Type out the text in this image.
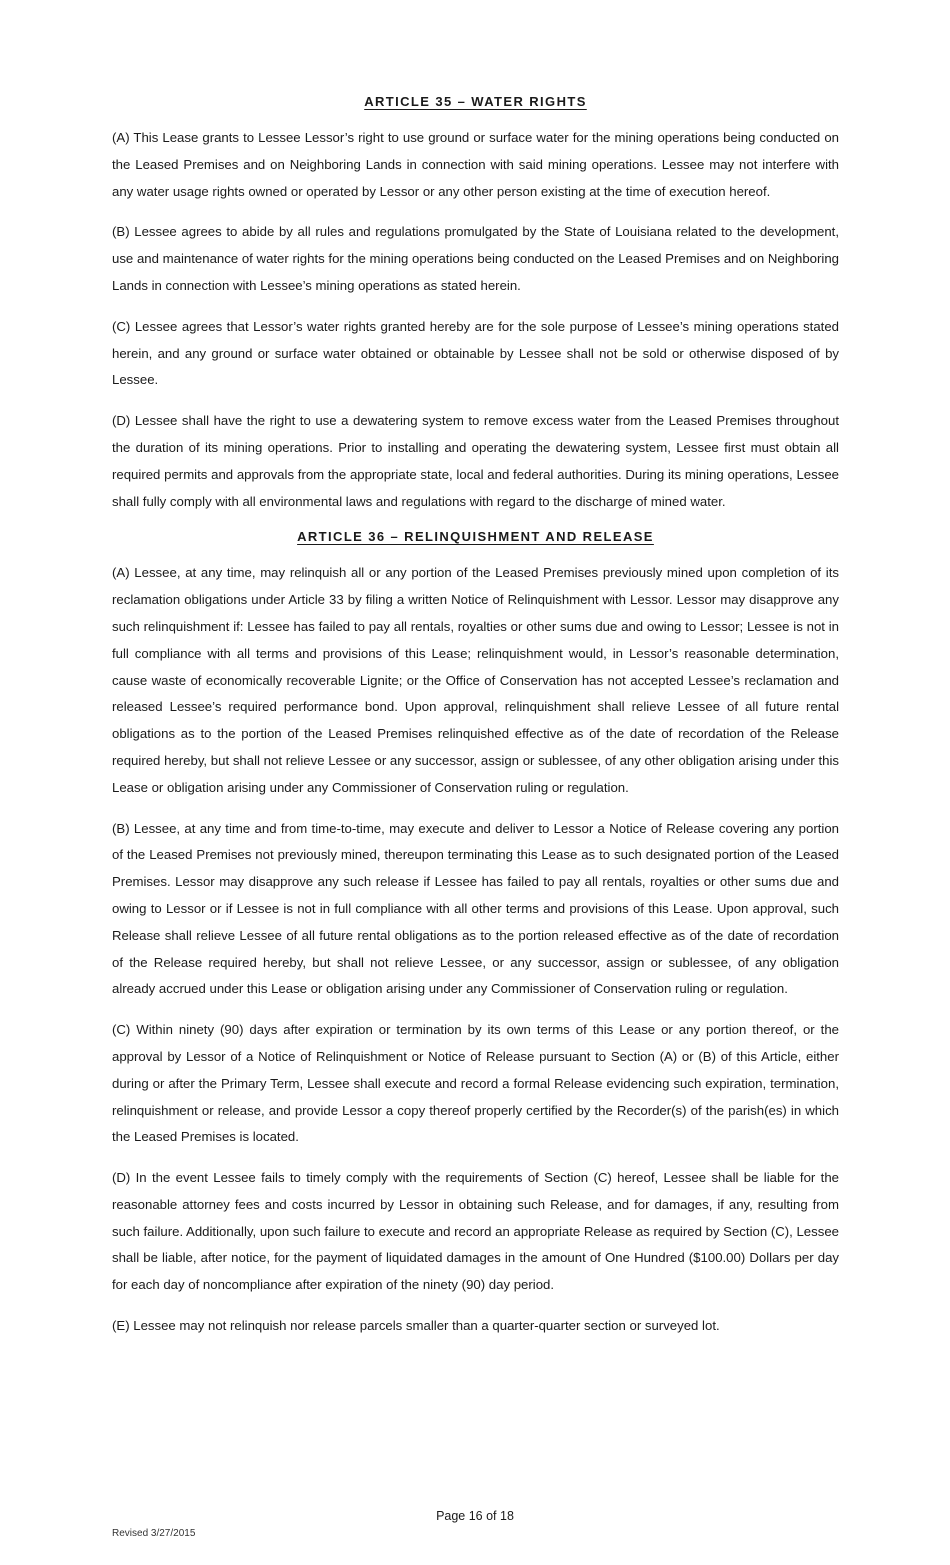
ARTICLE 35 – WATER RIGHTS

(A) This Lease grants to Lessee Lessor’s right to use ground or surface water for the mining operations being conducted on the Leased Premises and on Neighboring Lands in connection with said mining operations. Lessee may not interfere with any water usage rights owned or operated by Lessor or any other person existing at the time of execution hereof.

(B) Lessee agrees to abide by all rules and regulations promulgated by the State of Louisiana related to the development, use and maintenance of water rights for the mining operations being conducted on the Leased Premises and on Neighboring Lands in connection with Lessee’s mining operations as stated herein.

(C) Lessee agrees that Lessor’s water rights granted hereby are for the sole purpose of Lessee’s mining operations stated herein, and any ground or surface water obtained or obtainable by Lessee shall not be sold or otherwise disposed of by Lessee.

(D) Lessee shall have the right to use a dewatering system to remove excess water from the Leased Premises throughout the duration of its mining operations. Prior to installing and operating the dewatering system, Lessee first must obtain all required permits and approvals from the appropriate state, local and federal authorities. During its mining operations, Lessee shall fully comply with all environmental laws and regulations with regard to the discharge of mined water.

ARTICLE 36 – RELINQUISHMENT AND RELEASE

(A) Lessee, at any time, may relinquish all or any portion of the Leased Premises previously mined upon completion of its reclamation obligations under Article 33 by filing a written Notice of Relinquishment with Lessor. Lessor may disapprove any such relinquishment if: Lessee has failed to pay all rentals, royalties or other sums due and owing to Lessor; Lessee is not in full compliance with all terms and provisions of this Lease; relinquishment would, in Lessor’s reasonable determination, cause waste of economically recoverable Lignite; or the Office of Conservation has not accepted Lessee’s reclamation and released Lessee’s required performance bond. Upon approval, relinquishment shall relieve Lessee of all future rental obligations as to the portion of the Leased Premises relinquished effective as of the date of recordation of the Release required hereby, but shall not relieve Lessee or any successor, assign or sublessee, of any other obligation arising under this Lease or obligation arising under any Commissioner of Conservation ruling or regulation.

(B) Lessee, at any time and from time-to-time, may execute and deliver to Lessor a Notice of Release covering any portion of the Leased Premises not previously mined, thereupon terminating this Lease as to such designated portion of the Leased Premises. Lessor may disapprove any such release if Lessee has failed to pay all rentals, royalties or other sums due and owing to Lessor or if Lessee is not in full compliance with all other terms and provisions of this Lease. Upon approval, such Release shall relieve Lessee of all future rental obligations as to the portion released effective as of the date of recordation of the Release required hereby, but shall not relieve Lessee, or any successor, assign or sublessee, of any obligation already accrued under this Lease or obligation arising under any Commissioner of Conservation ruling or regulation.

(C) Within ninety (90) days after expiration or termination by its own terms of this Lease or any portion thereof, or the approval by Lessor of a Notice of Relinquishment or Notice of Release pursuant to Section (A) or (B) of this Article, either during or after the Primary Term, Lessee shall execute and record a formal Release evidencing such expiration, termination, relinquishment or release, and provide Lessor a copy thereof properly certified by the Recorder(s) of the parish(es) in which the Leased Premises is located.

(D) In the event Lessee fails to timely comply with the requirements of Section (C) hereof, Lessee shall be liable for the reasonable attorney fees and costs incurred by Lessor in obtaining such Release, and for damages, if any, resulting from such failure. Additionally, upon such failure to execute and record an appropriate Release as required by Section (C), Lessee shall be liable, after notice, for the payment of liquidated damages in the amount of One Hundred ($100.00) Dollars per day for each day of noncompliance after expiration of the ninety (90) day period.

(E) Lessee may not relinquish nor release parcels smaller than a quarter-quarter section or surveyed lot.

Page 16 of 18
Revised 3/27/2015
